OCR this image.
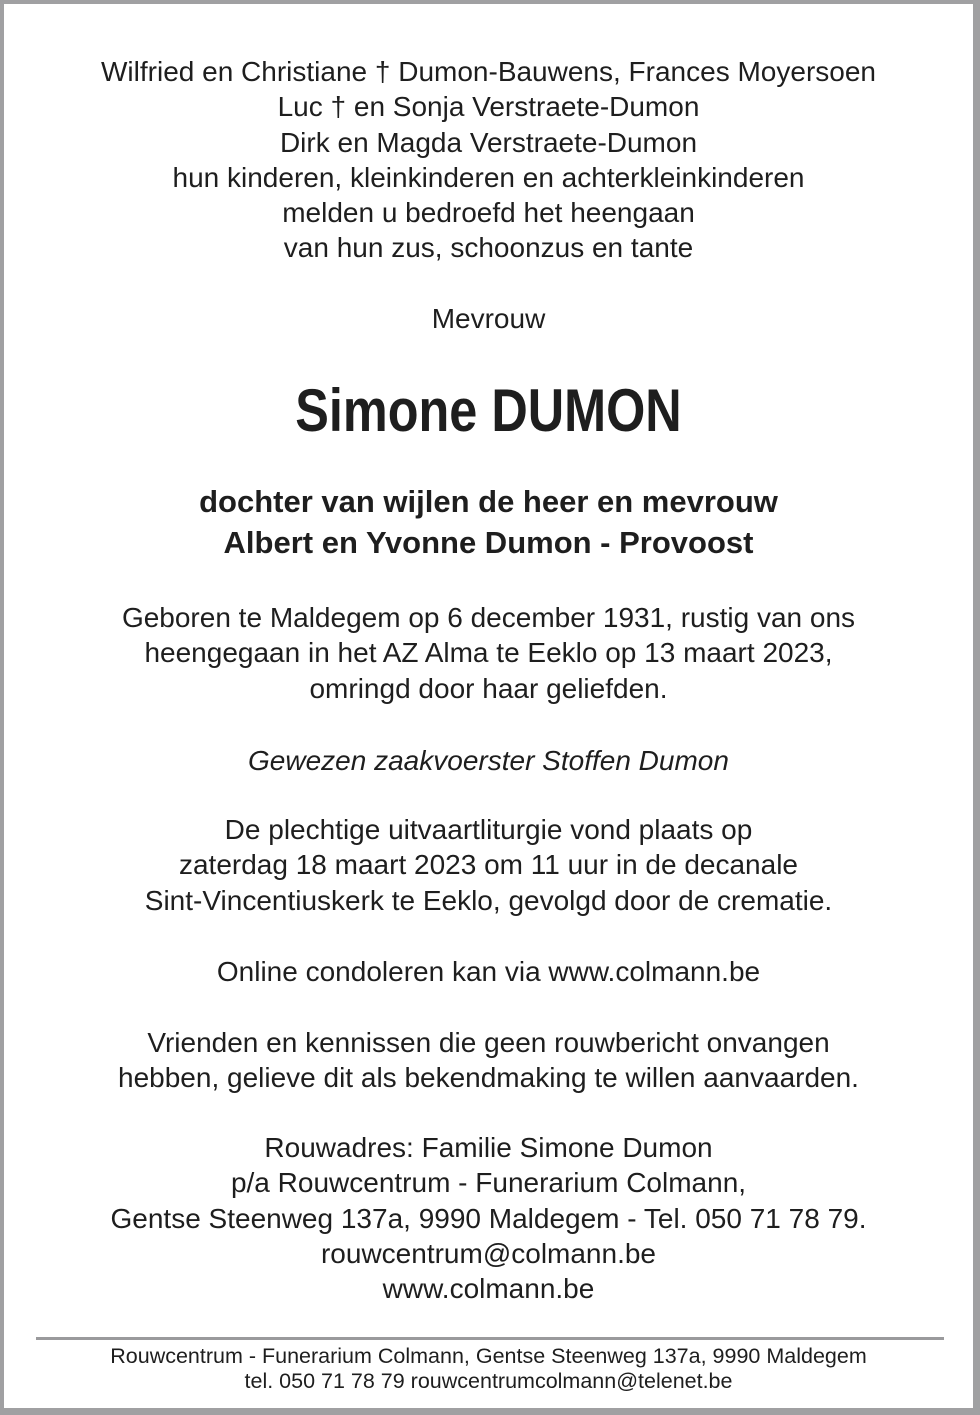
Wilfried en Christiane † Dumon-Bauwens, Frances Moyersoen
Luc † en Sonja Verstraete-Dumon
Dirk en Magda Verstraete-Dumon
hun kinderen, kleinkinderen en achterkleinkinderen
melden u bedroefd het heengaan
van hun zus, schoonzus en tante
Mevrouw
Simone DUMON
dochter van wijlen de heer en mevrouw
Albert en Yvonne Dumon - Provoost
Geboren te Maldegem op 6 december 1931, rustig van ons
heengegaan in het AZ Alma te Eeklo op 13 maart 2023,
omringd door haar geliefden.
Gewezen zaakvoerster Stoffen Dumon
De plechtige uitvaartliturgie vond plaats op
zaterdag 18 maart 2023 om 11 uur in de decanale
Sint-Vincentiuskerk te Eeklo, gevolgd door de crematie.
Online condoleren kan via www.colmann.be
Vrienden en kennissen die geen rouwbericht onvangen
hebben, gelieve dit als bekendmaking te willen aanvaarden.
Rouwadres: Familie Simone Dumon
p/a Rouwcentrum - Funerarium Colmann,
Gentse Steenweg 137a, 9990 Maldegem - Tel. 050 71 78 79.
rouwcentrum@colmann.be
www.colmann.be
Rouwcentrum - Funerarium Colmann, Gentse Steenweg 137a, 9990 Maldegem
tel. 050 71 78 79 rouwcentrumcolmann@telenet.be
